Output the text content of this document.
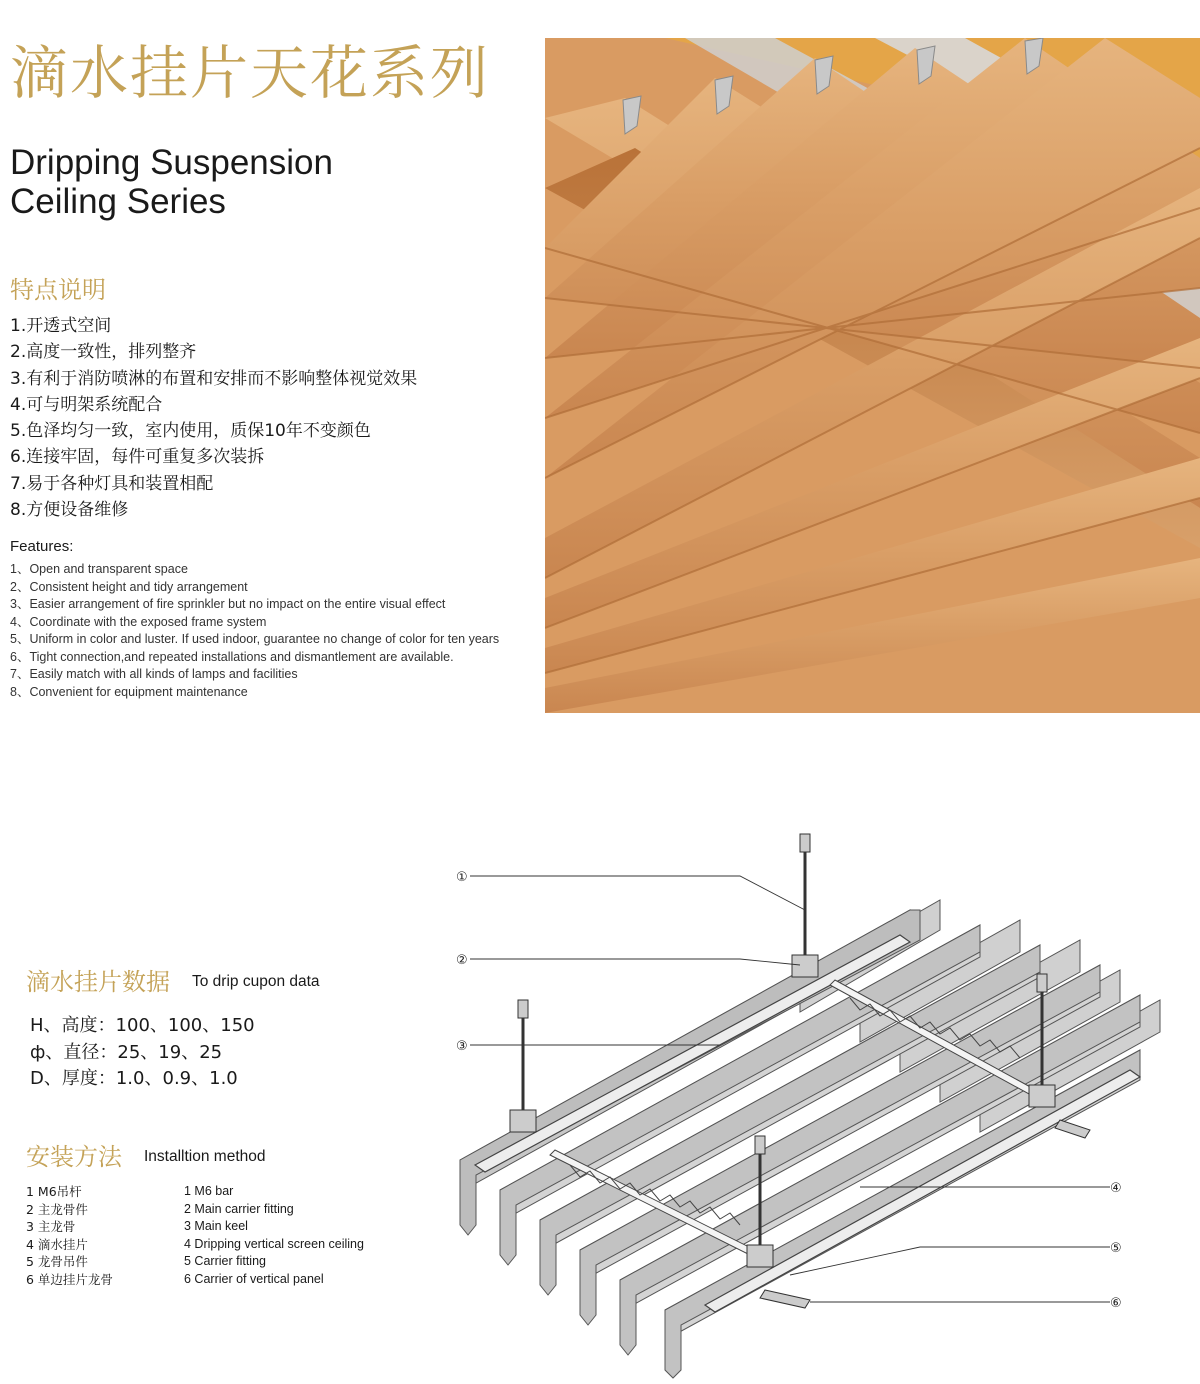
滴水挂片天花系列
Dripping Suspension
Ceiling Series
特点说明
1.开透式空间
2.高度一致性，排列整齐
3.有利于消防喷淋的布置和安排而不影响整体视觉效果
4.可与明架系统配合
5.色泽均匀一致，室内使用，质保10年不变颜色
6.连接牢固，每件可重复多次装拆
7.易于各种灯具和装置相配
8.方便设备维修
Features:
1、Open and transparent space
2、Consistent height and tidy arrangement
3、Easier arrangement of fire sprinkler but no impact on the entire visual effect
4、Coordinate with the exposed frame system
5、Uniform in color and luster. If used indoor, guarantee no change of color for ten years
6、Tight connection,and repeated installations and dismantlement are available.
7、Easily match with all kinds of lamps and facilities
8、Convenient for equipment maintenance
滴水挂片数据 To drip cupon data
H、高度：100、100、150
ф、直径：25、19、25
D、厚度：1.0、0.9、1.0
安装方法 Installtion method
1 M6吊杆
2 主龙骨件
3 主龙骨
4 滴水挂片
5 龙骨吊件
6 单边挂片龙骨
1 M6 bar
2 Main carrier fitting
3 Main keel
4 Dripping vertical screen ceiling
5 Carrier fitting
6 Carrier of vertical panel
①
②
③
④
⑤
⑥
